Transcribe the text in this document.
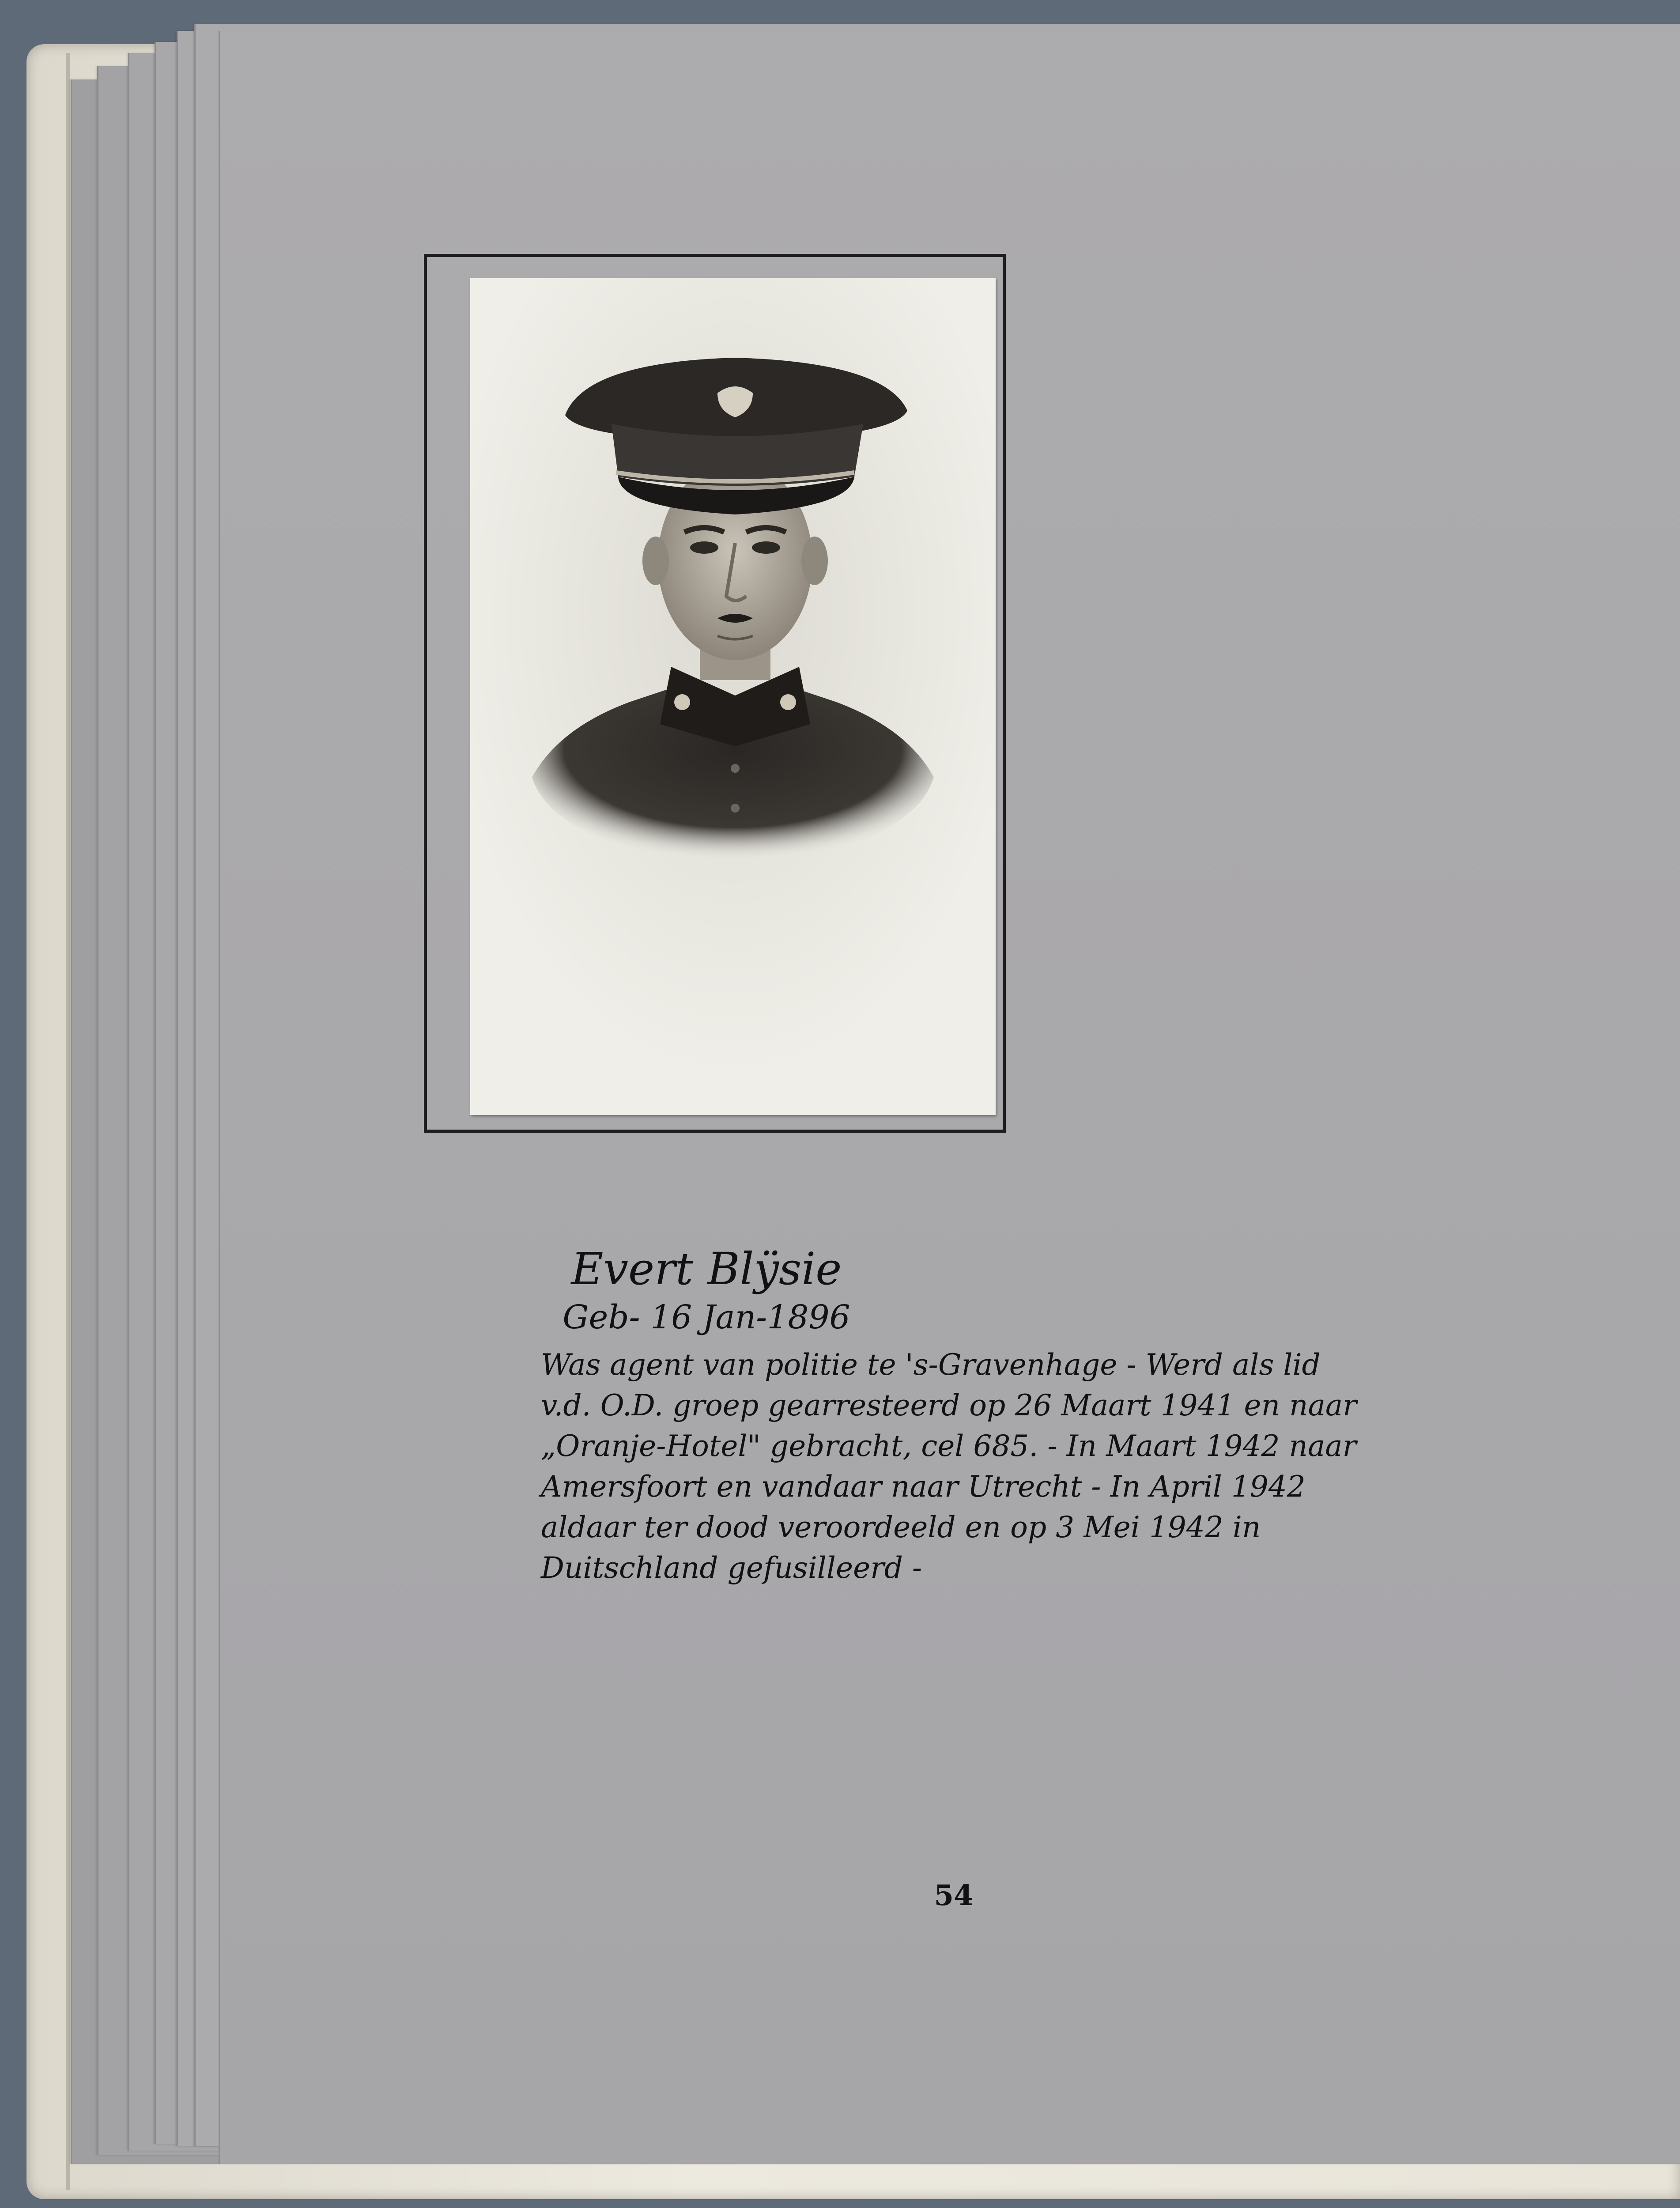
Evert Blÿsie
Geb- 16 Jan-1896
Was agent van politie te 's-Gravenhage - Werd als lid
v.d. O.D. groep gearresteerd op 26 Maart 1941 en naar
„Oranje-Hotel" gebracht, cel 685. - In Maart 1942 naar
Amersfoort en vandaar naar Utrecht - In April 1942
aldaar ter dood veroordeeld en op 3 Mei 1942 in
Duitschland gefusilleerd -
54
